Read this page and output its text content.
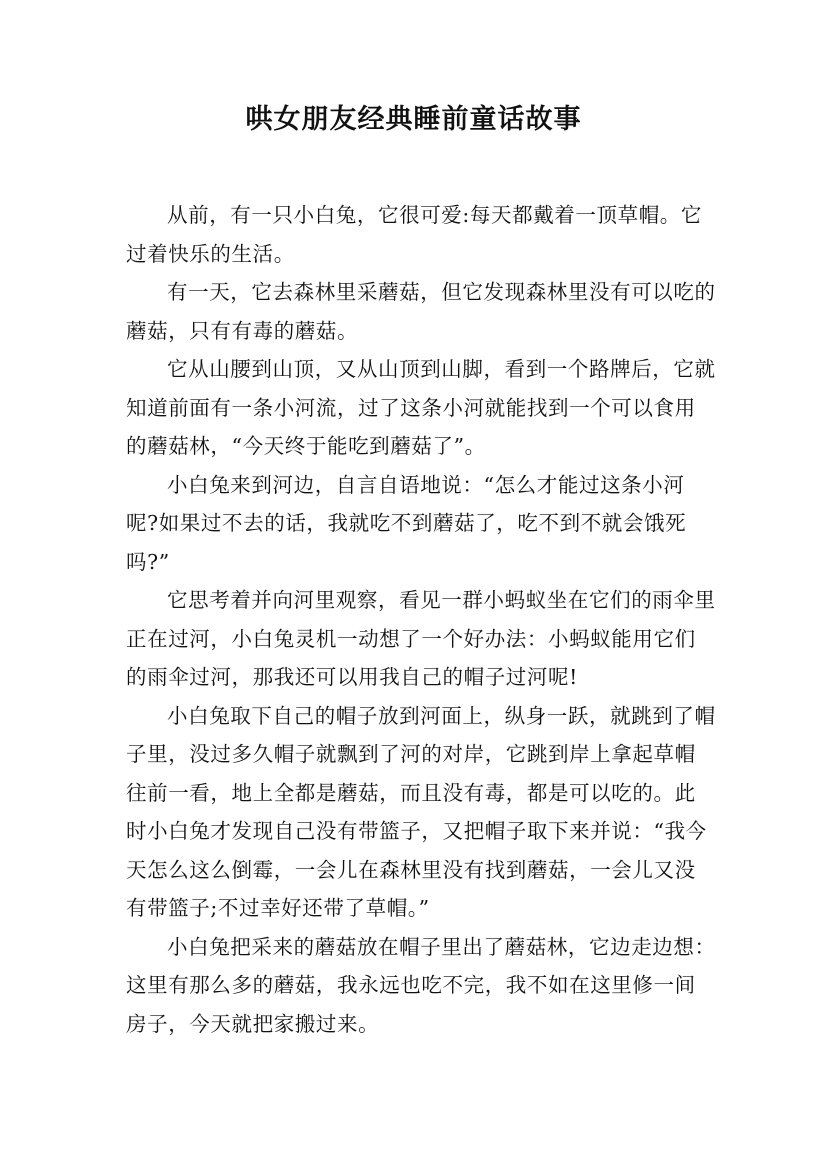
哄女朋友经典睡前童话故事

从前，有一只小白兔，它很可爱:每天都戴着一顶草帽。它过着快乐的生活。

有一天，它去森林里采蘑菇，但它发现森林里没有可以吃的蘑菇，只有有毒的蘑菇。

它从山腰到山顶，又从山顶到山脚，看到一个路牌后，它就知道前面有一条小河流，过了这条小河就能找到一个可以食用的蘑菇林，“今天终于能吃到蘑菇了”。

小白兔来到河边，自言自语地说：“怎么才能过这条小河呢?如果过不去的话，我就吃不到蘑菇了，吃不到不就会饿死吗?”

它思考着并向河里观察，看见一群小蚂蚁坐在它们的雨伞里正在过河，小白兔灵机一动想了一个好办法：小蚂蚁能用它们的雨伞过河，那我还可以用我自己的帽子过河呢!

小白兔取下自己的帽子放到河面上，纵身一跃，就跳到了帽子里，没过多久帽子就飘到了河的对岸，它跳到岸上拿起草帽往前一看，地上全都是蘑菇，而且没有毒，都是可以吃的。此时小白兔才发现自己没有带篮子，又把帽子取下来并说：“我今天怎么这么倒霉，一会儿在森林里没有找到蘑菇，一会儿又没有带篮子;不过幸好还带了草帽。”

小白兔把采来的蘑菇放在帽子里出了蘑菇林，它边走边想：这里有那么多的蘑菇，我永远也吃不完，我不如在这里修一间房子，今天就把家搬过来。
